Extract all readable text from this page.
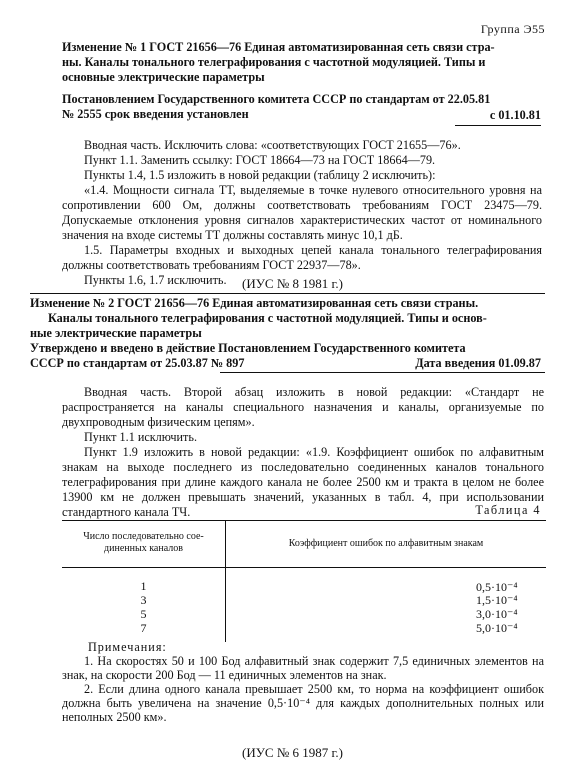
Группа Э55

Изменение № 1 ГОСТ 21656—76 Единая автоматизированная сеть связи стра-

ны. Каналы тонального телеграфирования с частотной модуляцией. Типы и

основные электрические параметры

Постановлением Государственного комитета СССР по стандартам от 22.05.81

№ 2555 срок введения установлен	с 01.10.81

Вводная часть. Исключить слова: «соответствующих ГОСТ 21655—76».

Пункт 1.1. Заменить ссылку: ГОСТ 18664—73 на ГОСТ 18664—79.

Пункты 1.4, 1.5 изложить в новой редакции (таблицу 2 исключить):

«1.4. Мощности сигнала ТТ, выделяемые в точке нулевого относительного уровня на сопротивлении 600 Ом, должны соответствовать требованиям ГОСТ 23475—79. Допускаемые отклонения уровня сигналов характеристических частот от номинального значения на входе системы ТТ должны составлять минус 10,1 дБ.

1.5. Параметры входных и выходных цепей канала тонального телеграфирования должны соответствовать требованиям ГОСТ 22937—78».

Пункты 1.6, 1.7 исключить.	(ИУС № 8 1981 г.)

Изменение № 2 ГОСТ 21656—76 Единая автоматизированная сеть связи страны.

Каналы тонального телеграфирования с частотной модуляцией. Типы и основ-

ные электрические параметры

Утверждено и введено в действие Постановлением Государственного комитета

СССР по стандартам от 25.03.87 № 897	Дата введения 01.09.87

Вводная часть. Второй абзац изложить в новой редакции: «Стандарт не распространяется на каналы специального назначения и каналы, организуемые по двухпроводным физическим цепям».

Пункт 1.1 исключить.

Пункт 1.9 изложить в новой редакции: «1.9. Коэффициент ошибок по алфавитным знакам на выходе последнего из последовательно соединенных каналов тонального телеграфирования при длине каждого канала не более 2500 км и тракта в целом не более 13900 км не должен превышать значений, указанных в табл. 4, при использовании стандартного канала ТЧ.	Таблица 4
Число последовательно сое-
диненных каналов	Коэффициент ошибок по алфавитным знакам
1	0,5·10⁻⁴
3	1,5·10⁻⁴
5	3,0·10⁻⁴
7	5,0·10⁻⁴

Примечания:

1. На скоростях 50 и 100 Бод алфавитный знак содержит 7,5 единичных элементов на знак, на скорости 200 Бод — 11 единичных элементов на знак.

2. Если длина одного канала превышает 2500 км, то норма на коэффициент ошибок должна быть увеличена на значение 0,5·10⁻⁴ для каждых дополнительных полных или неполных 2500 км».

(ИУС № 6 1987 г.)
